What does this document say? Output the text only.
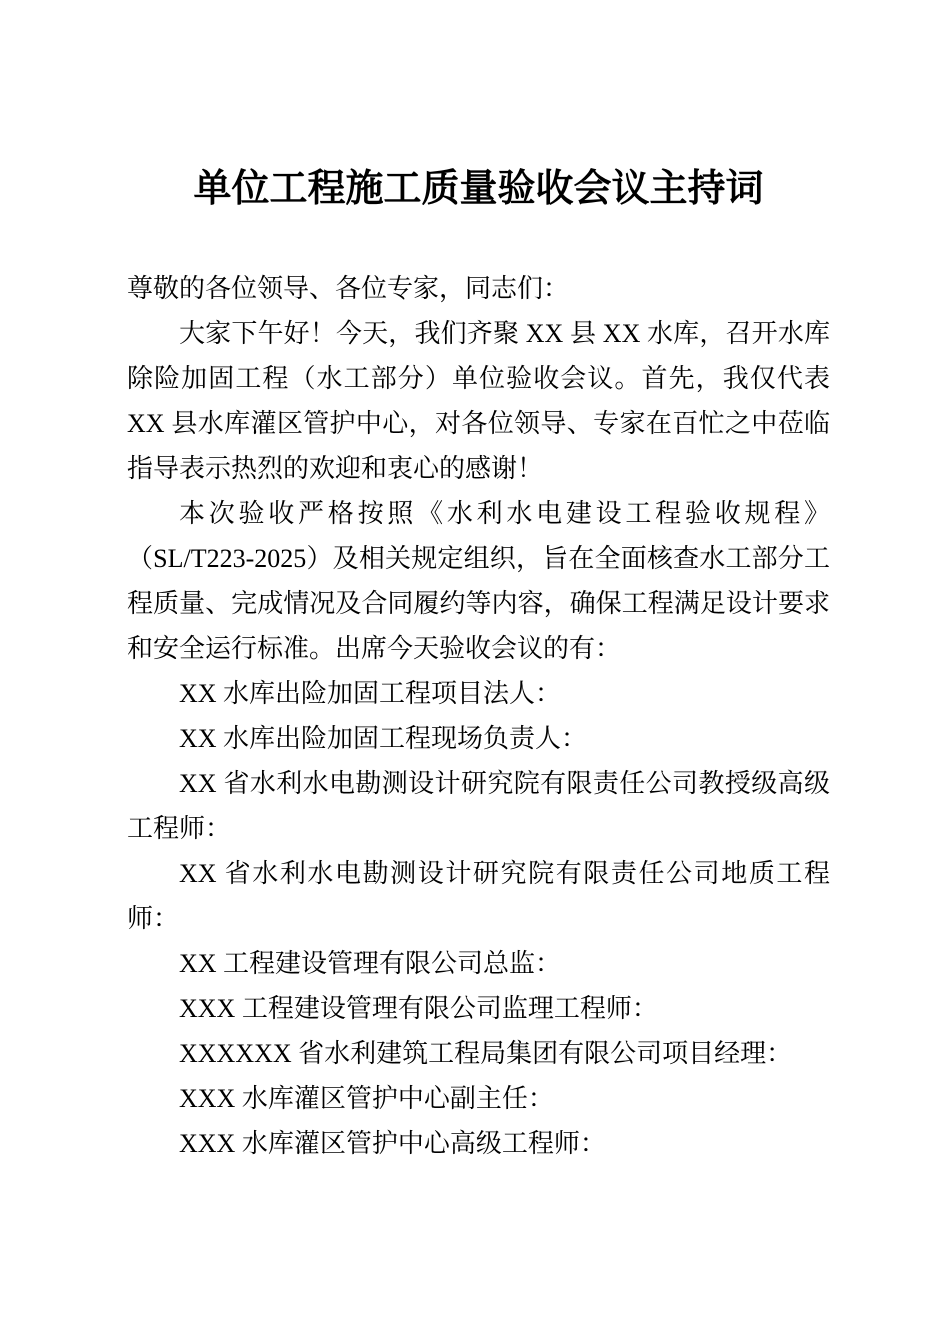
单位工程施工质量验收会议主持词

尊敬的各位领导、各位专家，同志们：

大家下午好！今天，我们齐聚 XX 县 XX 水库，召开水库除险加固工程（水工部分）单位验收会议。首先，我仅代表 XX 县水库灌区管护中心，对各位领导、专家在百忙之中莅临指导表示热烈的欢迎和衷心的感谢！

本次验收严格按照《水利水电建设工程验收规程》（SL/T223-2025）及相关规定组织，旨在全面核查水工部分工程质量、完成情况及合同履约等内容，确保工程满足设计要求和安全运行标准。出席今天验收会议的有：

XX 水库出险加固工程项目法人：

XX 水库出险加固工程现场负责人：

XX 省水利水电勘测设计研究院有限责任公司教授级高级工程师：

XX 省水利水电勘测设计研究院有限责任公司地质工程师：

XX 工程建设管理有限公司总监：

XXX 工程建设管理有限公司监理工程师：

XXXXXX 省水利建筑工程局集团有限公司项目经理：

XXX 水库灌区管护中心副主任：

XXX 水库灌区管护中心高级工程师：
